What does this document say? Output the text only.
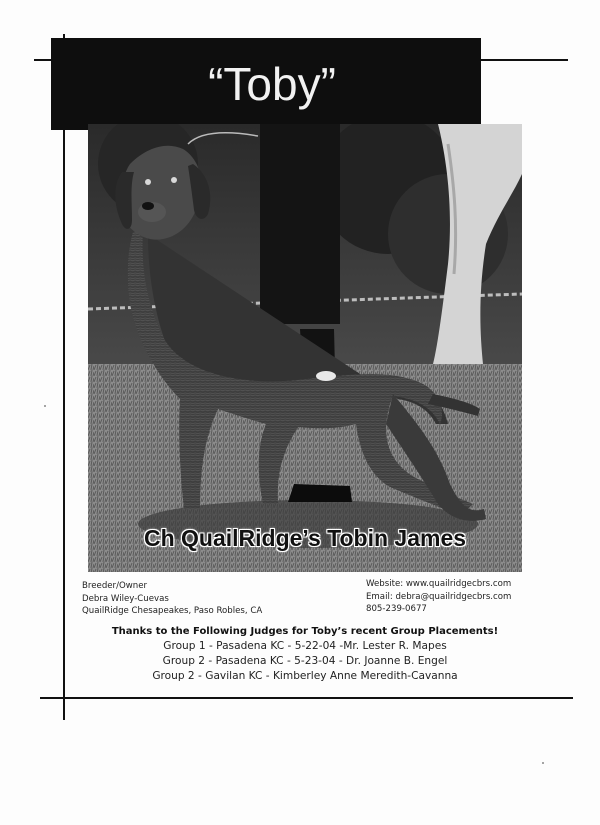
“Toby”
Ch QuailRidge’s Tobin James
Breeder/Owner
Debra Wiley-Cuevas
QuailRidge Chesapeakes, Paso Robles, CA
Website: www.quailridgecbrs.com
Email: debra@quailridgecbrs.com
805-239-0677
Thanks to the Following Judges for Toby’s recent Group Placements!
Group 1 - Pasadena KC - 5-22-04 -Mr. Lester R. Mapes
Group 2 - Pasadena KC - 5-23-04 - Dr. Joanne B. Engel
Group 2 - Gavilan KC - Kimberley Anne Meredith-Cavanna
